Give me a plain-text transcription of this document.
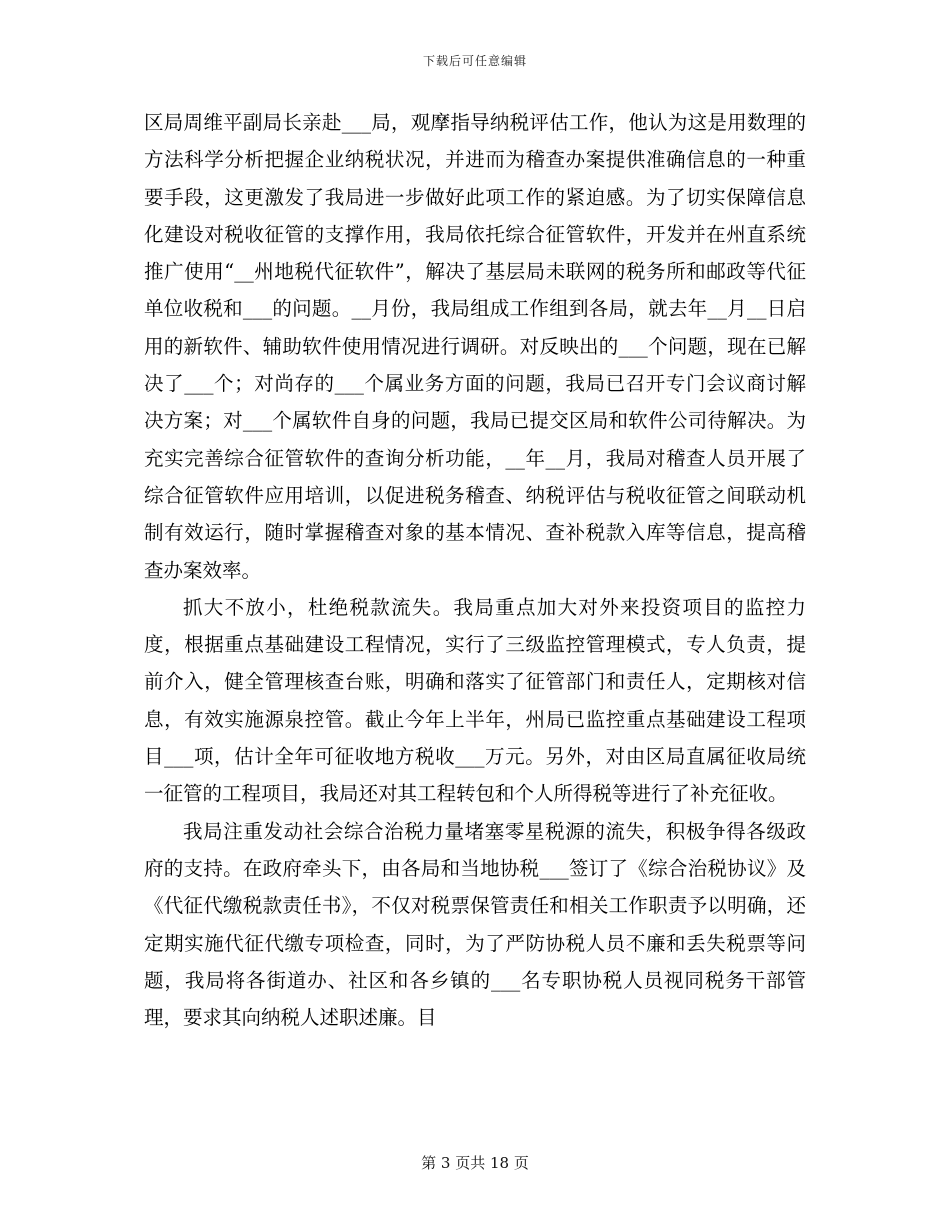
下载后可任意编辑

区局周维平副局长亲赴___局，观摩指导纳税评估工作，他认为这是用数理的方法科学分析把握企业纳税状况，并进而为稽查办案提供准确信息的一种重要手段，这更激发了我局进一步做好此项工作的紧迫感。为了切实保障信息化建设对税收征管的支撑作用，我局依托综合征管软件，开发并在州直系统推广使用“__州地税代征软件”，解决了基层局未联网的税务所和邮政等代征单位收税和___的问题。__月份，我局组成工作组到各局，就去年__月__日启用的新软件、辅助软件使用情况进行调研。对反映出的___个问题，现在已解决了___个；对尚存的___个属业务方面的问题，我局已召开专门会议商讨解决方案；对___个属软件自身的问题，我局已提交区局和软件公司待解决。为充实完善综合征管软件的查询分析功能，__年__月，我局对稽查人员开展了综合征管软件应用培训，以促进税务稽查、纳税评估与税收征管之间联动机制有效运行，随时掌握稽查对象的基本情况、查补税款入库等信息，提高稽查办案效率。

抓大不放小，杜绝税款流失。我局重点加大对外来投资项目的监控力度，根据重点基础建设工程情况，实行了三级监控管理模式，专人负责，提前介入，健全管理核查台账，明确和落实了征管部门和责任人，定期核对信息，有效实施源泉控管。截止今年上半年，州局已监控重点基础建设工程项目___项，估计全年可征收地方税收___万元。另外，对由区局直属征收局统一征管的工程项目，我局还对其工程转包和个人所得税等进行了补充征收。

我局注重发动社会综合治税力量堵塞零星税源的流失，积极争得各级政府的支持。在政府牵头下，由各局和当地协税___签订了《综合治税协议》及《代征代缴税款责任书》，不仅对税票保管责任和相关工作职责予以明确，还定期实施代征代缴专项检查，同时，为了严防协税人员不廉和丢失税票等问题，我局将各街道办、社区和各乡镇的___名专职协税人员视同税务干部管理，要求其向纳税人述职述廉。目

第 3 页共 18 页
